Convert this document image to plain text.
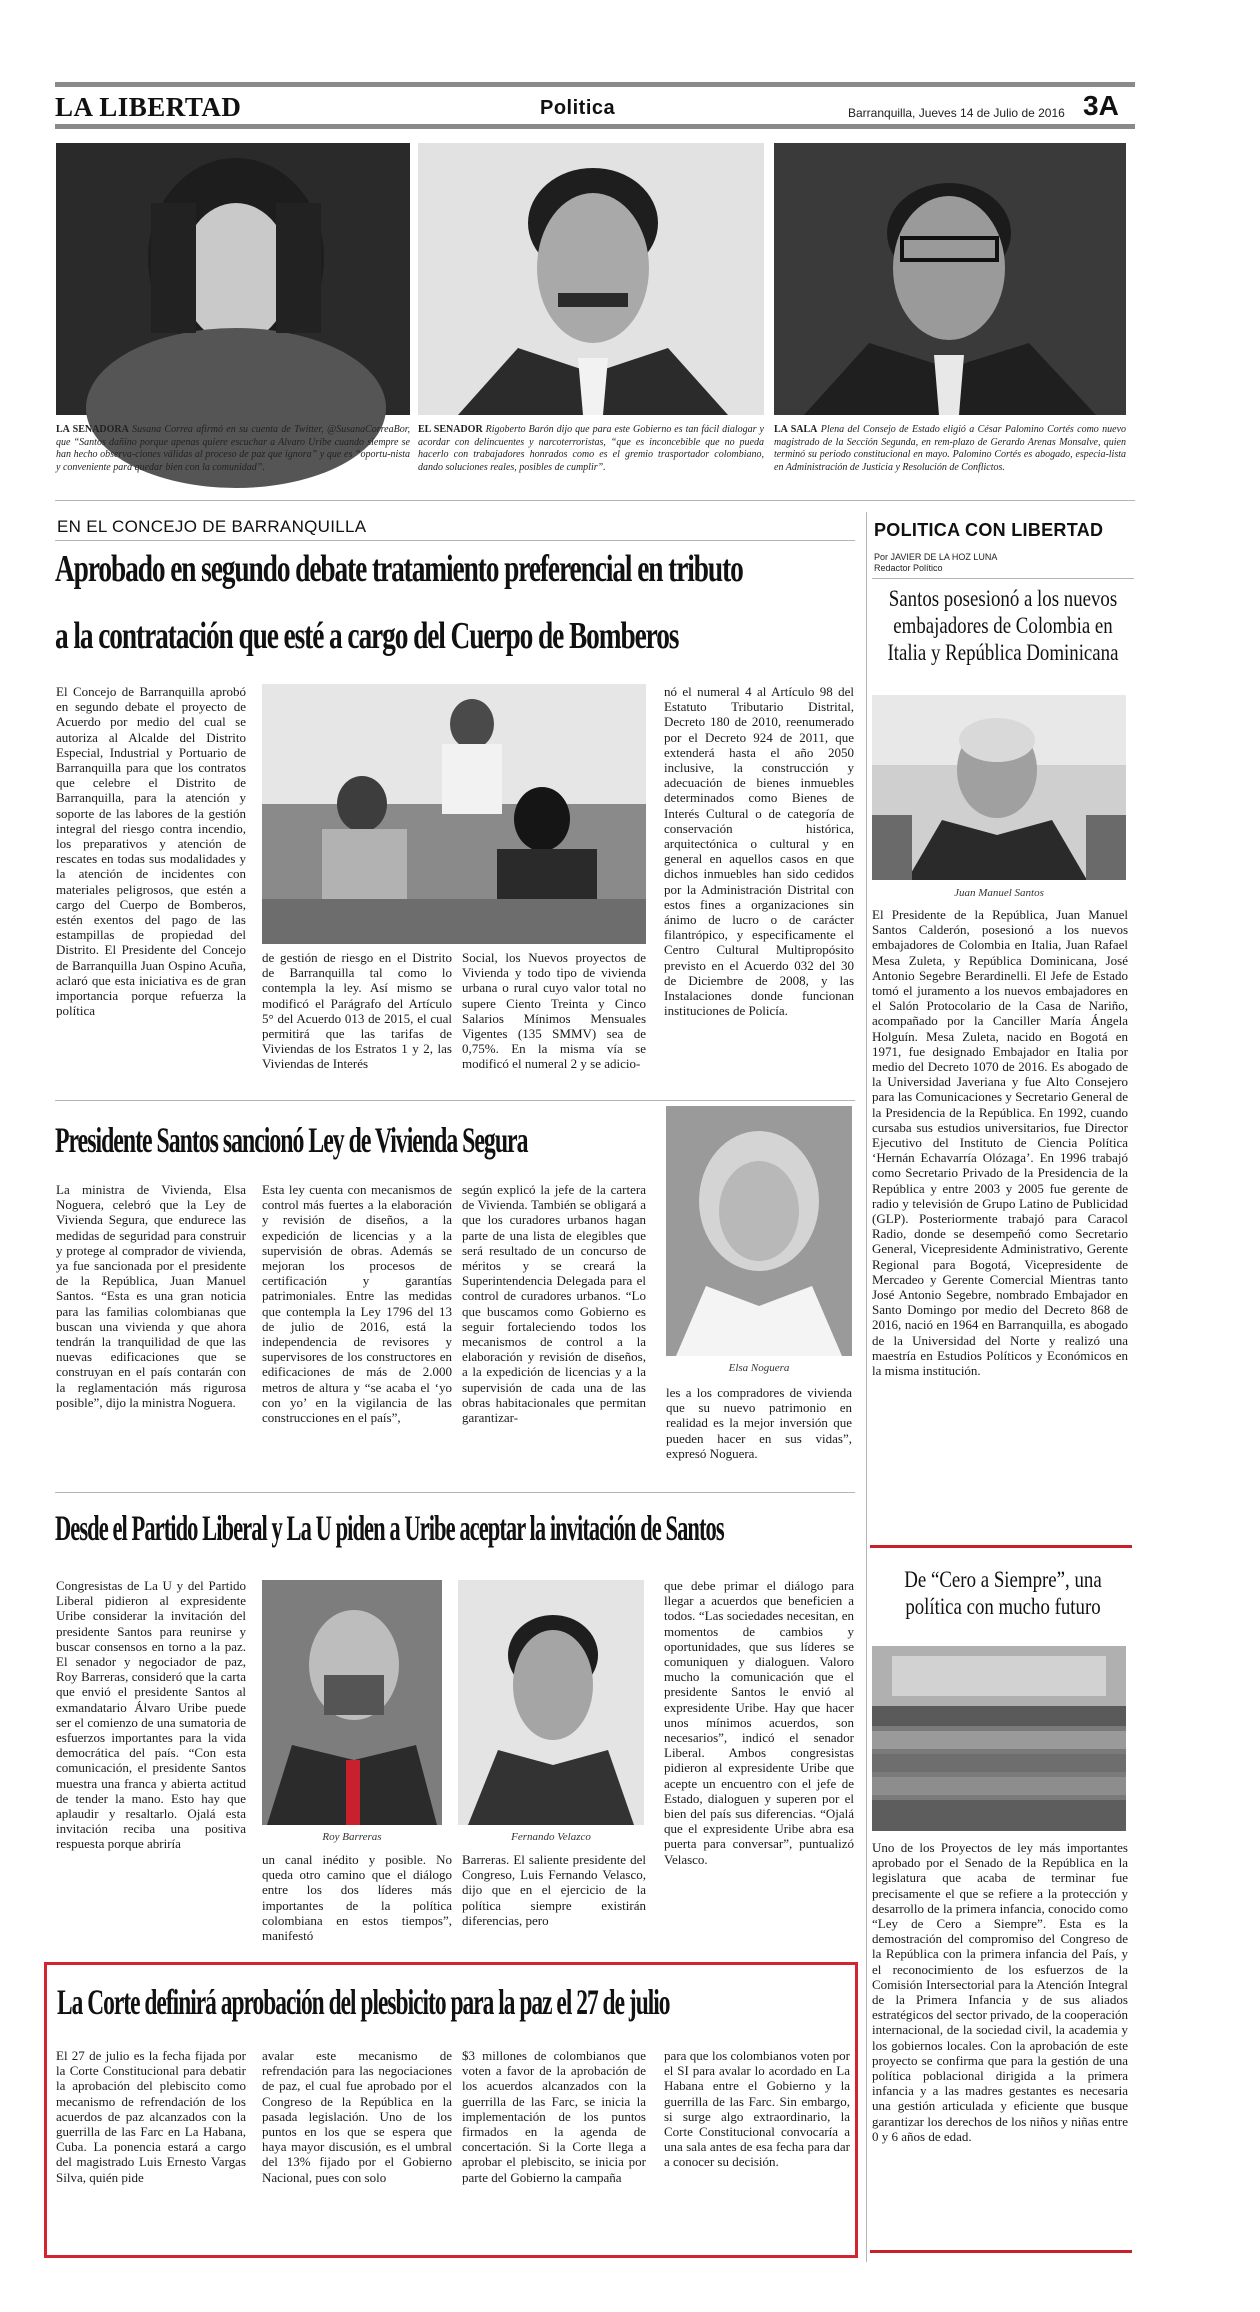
LA LIBERTAD	Politica	Barranquilla, Jueves 14 de Julio de 2016 3A
LA SENADORA Susana Correa afirmó en su cuenta de Twitter, @SusanaCorreaBor, que “Santos dañino porque apenas quiere escuchar a Alvaro Uribe cuando siempre se han hecho observa-ciones válidas al proceso de paz que ignora” y que es “oportu-nista y conveniente para quedar bien con la comunidad”.
EL SENADOR Rigoberto Barón dijo que para este Gobierno es tan fácil dialogar y acordar con delincuentes y narcoterroristas, “que es inconcebible que no pueda hacerlo con trabajadores honrados como es el gremio trasportador colombiano, dando soluciones reales, posibles de cumplir”.
LA SALA Plena del Consejo de Estado eligió a César Palomino Cortés como nuevo magistrado de la Sección Segunda, en rem-plazo de Gerardo Arenas Monsalve, quien terminó su periodo constitucional en mayo. Palomino Cortés es abogado, especia-lista en Administración de Justicia y Resolución de Conflictos.
EN EL CONCEJO DE BARRANQUILLA
Aprobado en segundo debate tratamiento preferencial en tributo
a la contratación que esté a cargo del Cuerpo de Bomberos
El Concejo de Barranquilla aprobó en segundo debate el proyecto de Acuerdo por medio del cual se autoriza al Alcalde del Distrito Especial, Industrial y Portuario de Barranquilla para que los contratos que celebre el Distrito de Barranquilla, para la atención y soporte de las labores de la gestión integral del riesgo contra incendio, los preparativos y atención de rescates en todas sus modalidades y la atención de incidentes con materiales peligrosos, que estén a cargo del Cuerpo de Bomberos, estén exentos del pago de las estampillas de propiedad del Distrito. El Presidente del Concejo de Barranquilla Juan Ospino Acuña, aclaró que esta iniciativa es de gran importancia porque refuerza la política
de gestión de riesgo en el Distrito de Barranquilla tal como lo contempla la ley. Así mismo se modificó el Parágrafo del Artículo 5° del Acuerdo 013 de 2015, el cual permitirá que las tarifas de Viviendas de los Estratos 1 y 2, las Viviendas de Interés
Social, los Nuevos proyectos de Vivienda y todo tipo de vivienda urbana o rural cuyo valor total no supere Ciento Treinta y Cinco Salarios Mínimos Mensuales Vigentes (135 SMMV) sea de 0,75%. En la misma vía se modificó el numeral 2 y se adicio-
nó el numeral 4 al Artículo 98 del Estatuto Tributario Distrital, Decreto 180 de 2010, reenumerado por el Decreto 924 de 2011, que extenderá hasta el año 2050 inclusive, la construcción y adecuación de bienes inmuebles determinados como Bienes de Interés Cultural o de categoría de conservación histórica, arquitectónica o cultural y en general en aquellos casos en que dichos inmuebles han sido cedidos por la Administración Distrital con estos fines a organizaciones sin ánimo de lucro o de carácter filantrópico, y especificamente el Centro Cultural Multipropósito previsto en el Acuerdo 032 del 30 de Diciembre de 2008, y las Instalaciones donde funcionan instituciones de Policía.
Presidente Santos sancionó Ley de Vivienda Segura
La ministra de Vivienda, Elsa Noguera, celebró que la Ley de Vivienda Segura, que endurece las medidas de seguridad para construir y protege al comprador de vivienda, ya fue sancionada por el presidente de la República, Juan Manuel Santos. “Esta es una gran noticia para las familias colombianas que buscan una vivienda y que ahora tendrán la tranquilidad de que las nuevas edificaciones que se construyan en el país contarán con la reglamentación más rigurosa posible”, dijo la ministra Noguera.
Esta ley cuenta con mecanismos de control más fuertes a la elaboración y revisión de diseños, a la expedición de licencias y a la supervisión de obras. Además se mejoran los procesos de certificación y garantías patrimoniales. Entre las medidas que contempla la Ley 1796 del 13 de julio de 2016, está la independencia de revisores y supervisores de los constructores en edificaciones de más de 2.000 metros de altura y “se acaba el ‘yo con yo’ en la vigilancia de las construcciones en el país”,
según explicó la jefe de la cartera de Vivienda. También se obligará a que los curadores urbanos hagan parte de una lista de elegibles que será resultado de un concurso de méritos y se creará la Superintendencia Delegada para el control de curadores urbanos. “Lo que buscamos como Gobierno es seguir fortaleciendo todos los mecanismos de control a la elaboración y revisión de diseños, a la expedición de licencias y a la supervisión de cada una de las obras habitacionales que permitan garantizar-
Elsa Noguera
les a los compradores de vivienda que su nuevo patrimonio en realidad es la mejor inversión que pueden hacer en sus vidas”, expresó Noguera.
Desde el Partido Liberal y La U piden a Uribe aceptar la invitación de Santos
Congresistas de La U y del Partido Liberal pidieron al expresidente Uribe considerar la invitación del presidente Santos para reunirse y buscar consensos en torno a la paz. El senador y negociador de paz, Roy Barreras, consideró que la carta que envió el presidente Santos al exmandatario Álvaro Uribe puede ser el comienzo de una sumatoria de esfuerzos importantes para la vida democrática del país. “Con esta comunicación, el presidente Santos muestra una franca y abierta actitud de tender la mano. Esto hay que aplaudir y resaltarlo. Ojalá esta invitación reciba una positiva respuesta porque abriría	Roy Barreras	Fernando Velazco
un canal inédito y posible. No queda otro camino que el diálogo entre los dos líderes más importantes de la política colombiana en estos tiempos”, manifestó
Barreras. El saliente presidente del Congreso, Luis Fernando Velasco, dijo que en el ejercicio de la política siempre existirán diferencias, pero
que debe primar el diálogo para llegar a acuerdos que beneficien a todos. “Las sociedades necesitan, en momentos de cambios y oportunidades, que sus líderes se comuniquen y dialoguen. Valoro mucho la comunicación que el presidente Santos le envió al expresidente Uribe. Hay que hacer unos mínimos acuerdos, son necesarios”, indicó el senador Liberal. Ambos congresistas pidieron al expresidente Uribe que acepte un encuentro con el jefe de Estado, dialoguen y superen por el bien del país sus diferencias. “Ojalá que el expresidente Uribe abra esa puerta para conversar”, puntualizó Velasco.
La Corte definirá aprobación del plesbicito para la paz el 27 de julio
El 27 de julio es la fecha fijada por la Corte Constitucional para debatir la aprobación del plebiscito como mecanismo de refrendación de los acuerdos de paz alcanzados con la guerrilla de las Farc en La Habana, Cuba. La ponencia estará a cargo del magistrado Luis Ernesto Vargas Silva, quién pide
avalar este mecanismo de refrendación para las negociaciones de paz, el cual fue aprobado por el Congreso de la República en la pasada legislación. Uno de los puntos en los que se espera que haya mayor discusión, es el umbral del 13% fijado por el Gobierno Nacional, pues con solo
$3 millones de colombianos que voten a favor de la aprobación de los acuerdos alcanzados con la guerrilla de las Farc, se inicia la implementación de los puntos firmados en la agenda de concertación. Si la Corte llega a aprobar el plebiscito, se inicia por parte del Gobierno la campaña
para que los colombianos voten por el SI para avalar lo acordado en La Habana entre el Gobierno y la guerrilla de las Farc. Sin embargo, si surge algo extraordinario, la Corte Constitucional convocaría a una sala antes de esa fecha para dar a conocer su decisión.
POLITICA CON LIBERTAD
Por JAVIER DE LA HOZ LUNA
Redactor Político
Santos posesionó a los nuevos embajadores de Colombia en Italia y República Dominicana
Juan Manuel Santos
El Presidente de la República, Juan Manuel Santos Calderón, posesionó a los nuevos embajadores de Colombia en Italia, Juan Rafael Mesa Zuleta, y República Dominicana, José Antonio Segebre Berardinelli. El Jefe de Estado tomó el juramento a los nuevos embajadores en el Salón Protocolario de la Casa de Nariño, acompañado por la Canciller María Ángela Holguín. Mesa Zuleta, nacido en Bogotá en 1971, fue designado Embajador en Italia por medio del Decreto 1070 de 2016. Es abogado de la Universidad Javeriana y fue Alto Consejero para las Comunicaciones y Secretario General de la Presidencia de la República. En 1992, cuando cursaba sus estudios universitarios, fue Director Ejecutivo del Instituto de Ciencia Política ‘Hernán Echavarría Olózaga’. En 1996 trabajó como Secretario Privado de la Presidencia de la República y entre 2003 y 2005 fue gerente de radio y televisión de Grupo Latino de Publicidad (GLP). Posteriormente trabajó para Caracol Radio, donde se desempeñó como Secretario General, Vicepresidente Administrativo, Gerente Regional para Bogotá, Vicepresidente de Mercadeo y Gerente Comercial Mientras tanto José Antonio Segebre, nombrado Embajador en Santo Domingo por medio del Decreto 868 de 2016, nació en 1964 en Barranquilla, es abogado de la Universidad del Norte y realizó una maestría en Estudios Políticos y Económicos en la misma institución.
De “Cero a Siempre”, una política con mucho futuro
Uno de los Proyectos de ley más importantes aprobado por el Senado de la República en la legislatura que acaba de terminar fue precisamente el que se refiere a la protección y desarrollo de la primera infancia, conocido como “Ley de Cero a Siempre”. Esta es la demostración del compromiso del Congreso de la República con la primera infancia del País, y el reconocimiento de los esfuerzos de la Comisión Intersectorial para la Atención Integral de la Primera Infancia y de sus aliados estratégicos del sector privado, de la cooperación internacional, de la sociedad civil, la academia y los gobiernos locales. Con la aprobación de este proyecto se confirma que para la gestión de una política poblacional dirigida a la primera infancia y a las madres gestantes es necesaria una gestión articulada y eficiente que busque garantizar los derechos de los niños y niñas entre 0 y 6 años de edad.
